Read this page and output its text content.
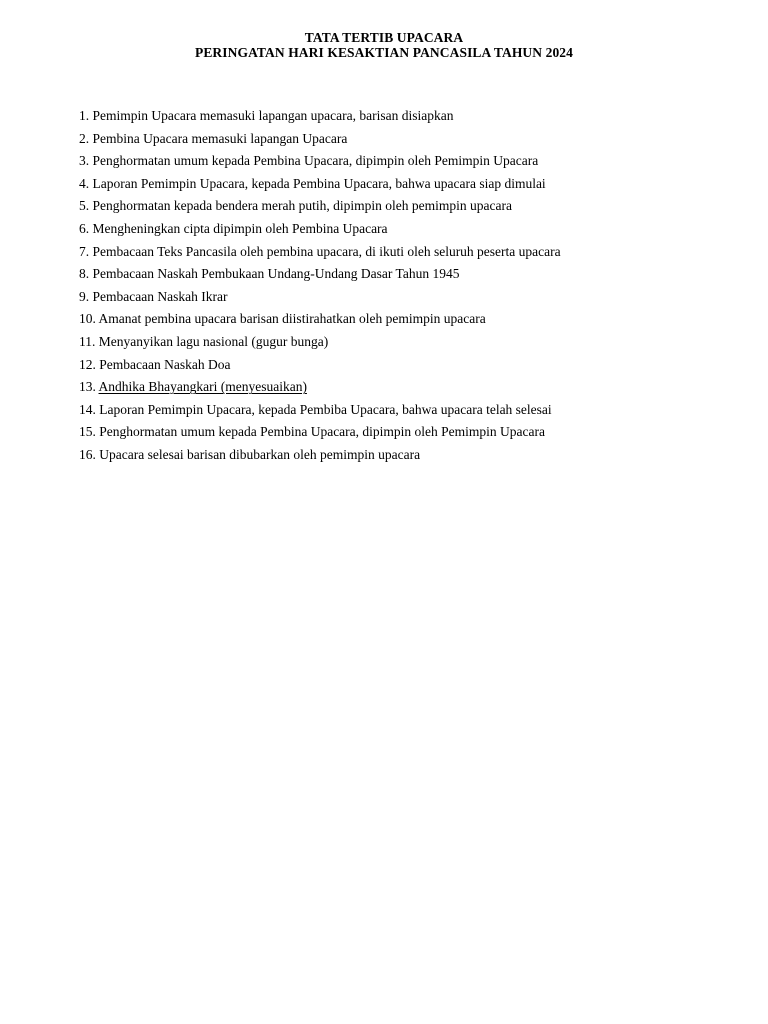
TATA TERTIB UPACARA
PERINGATAN HARI KESAKTIAN PANCASILA TAHUN 2024
1. Pemimpin Upacara memasuki lapangan upacara, barisan disiapkan
2. Pembina Upacara memasuki lapangan Upacara
3. Penghormatan umum kepada Pembina Upacara, dipimpin oleh Pemimpin Upacara
4. Laporan Pemimpin Upacara, kepada Pembina Upacara, bahwa upacara siap dimulai
5. Penghormatan kepada bendera merah putih, dipimpin oleh pemimpin upacara
6. Mengheningkan cipta dipimpin oleh Pembina Upacara
7. Pembacaan Teks Pancasila oleh pembina upacara, di ikuti oleh seluruh peserta upacara
8. Pembacaan Naskah Pembukaan Undang-Undang Dasar Tahun 1945
9. Pembacaan Naskah Ikrar
10. Amanat pembina upacara barisan diistirahatkan oleh pemimpin upacara
11. Menyanyikan lagu nasional (gugur bunga)
12. Pembacaan Naskah Doa
13. Andhika Bhayangkari (menyesuaikan)
14. Laporan Pemimpin Upacara, kepada Pembiba Upacara, bahwa upacara telah selesai
15. Penghormatan umum kepada Pembina Upacara, dipimpin oleh Pemimpin Upacara
16. Upacara selesai barisan dibubarkan oleh pemimpin upacara
